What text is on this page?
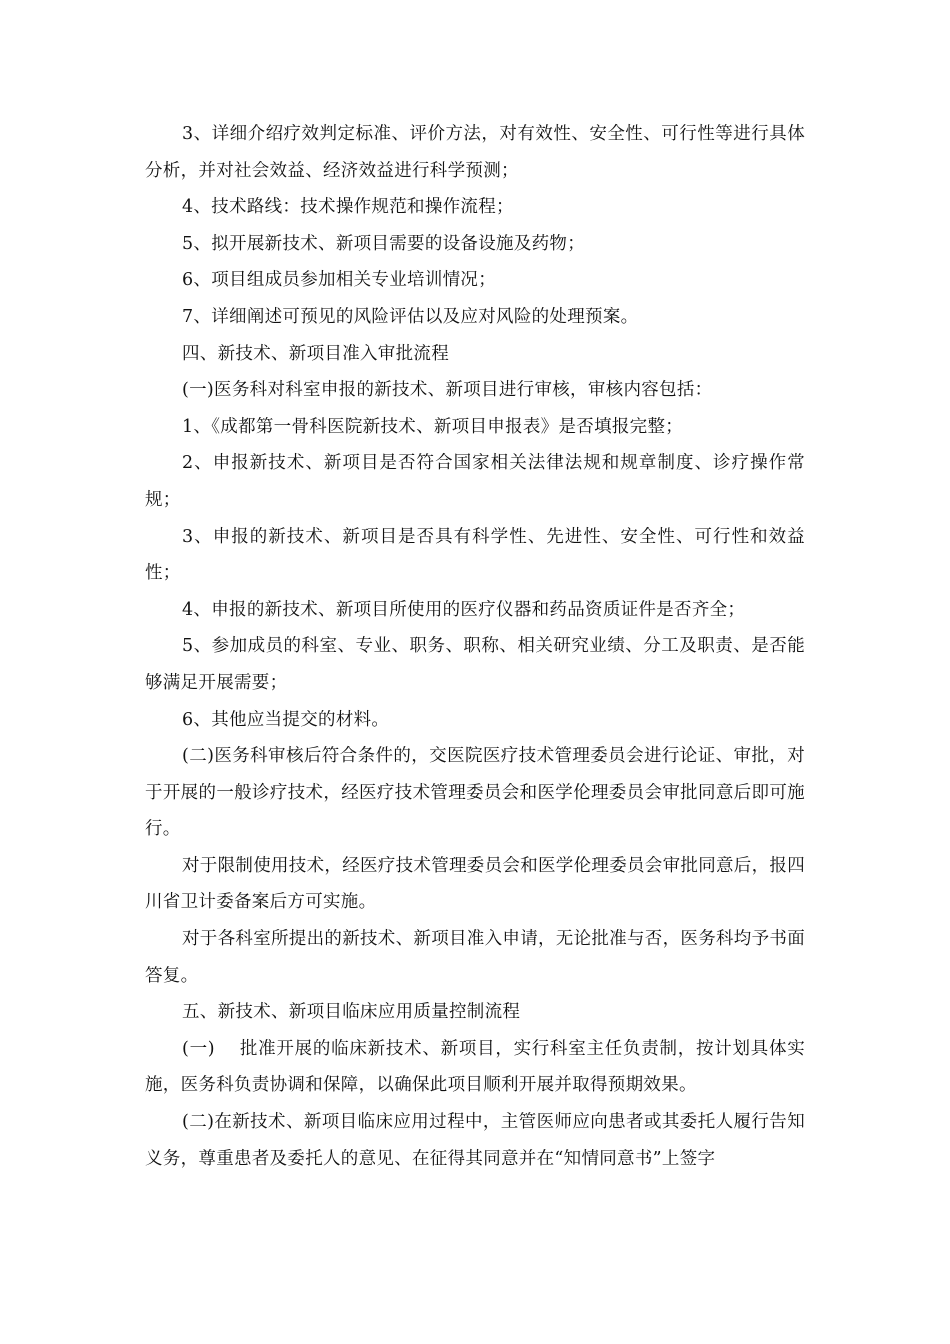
3、详细介绍疗效判定标准、评价方法，对有效性、安全性、可行性等进行具体分析，并对社会效益、经济效益进行科学预测；

4、技术路线：技术操作规范和操作流程；

5、拟开展新技术、新项目需要的设备设施及药物；

6、项目组成员参加相关专业培训情况；

7、详细阐述可预见的风险评估以及应对风险的处理预案。

四、新技术、新项目准入审批流程

(一)医务科对科室申报的新技术、新项目进行审核，审核内容包括：

1、《成都第一骨科医院新技术、新项目申报表》是否填报完整；

2、申报新技术、新项目是否符合国家相关法律法规和规章制度、诊疗操作常规；

3、申报的新技术、新项目是否具有科学性、先进性、安全性、可行性和效益性；

4、申报的新技术、新项目所使用的医疗仪器和药品资质证件是否齐全；

5、参加成员的科室、专业、职务、职称、相关研究业绩、分工及职责、是否能够满足开展需要；

6、其他应当提交的材料。

(二)医务科审核后符合条件的，交医院医疗技术管理委员会进行论证、审批，对于开展的一般诊疗技术，经医疗技术管理委员会和医学伦理委员会审批同意后即可施行。

对于限制使用技术，经医疗技术管理委员会和医学伦理委员会审批同意后，报四川省卫计委备案后方可实施。

对于各科室所提出的新技术、新项目准入申请，无论批准与否，医务科均予书面答复。

五、新技术、新项目临床应用质量控制流程

(一)　 批准开展的临床新技术、新项目，实行科室主任负责制，按计划具体实施，医务科负责协调和保障，以确保此项目顺利开展并取得预期效果。

(二)在新技术、新项目临床应用过程中，主管医师应向患者或其委托人履行告知义务，尊重患者及委托人的意见、在征得其同意并在“知情同意书”上签字
